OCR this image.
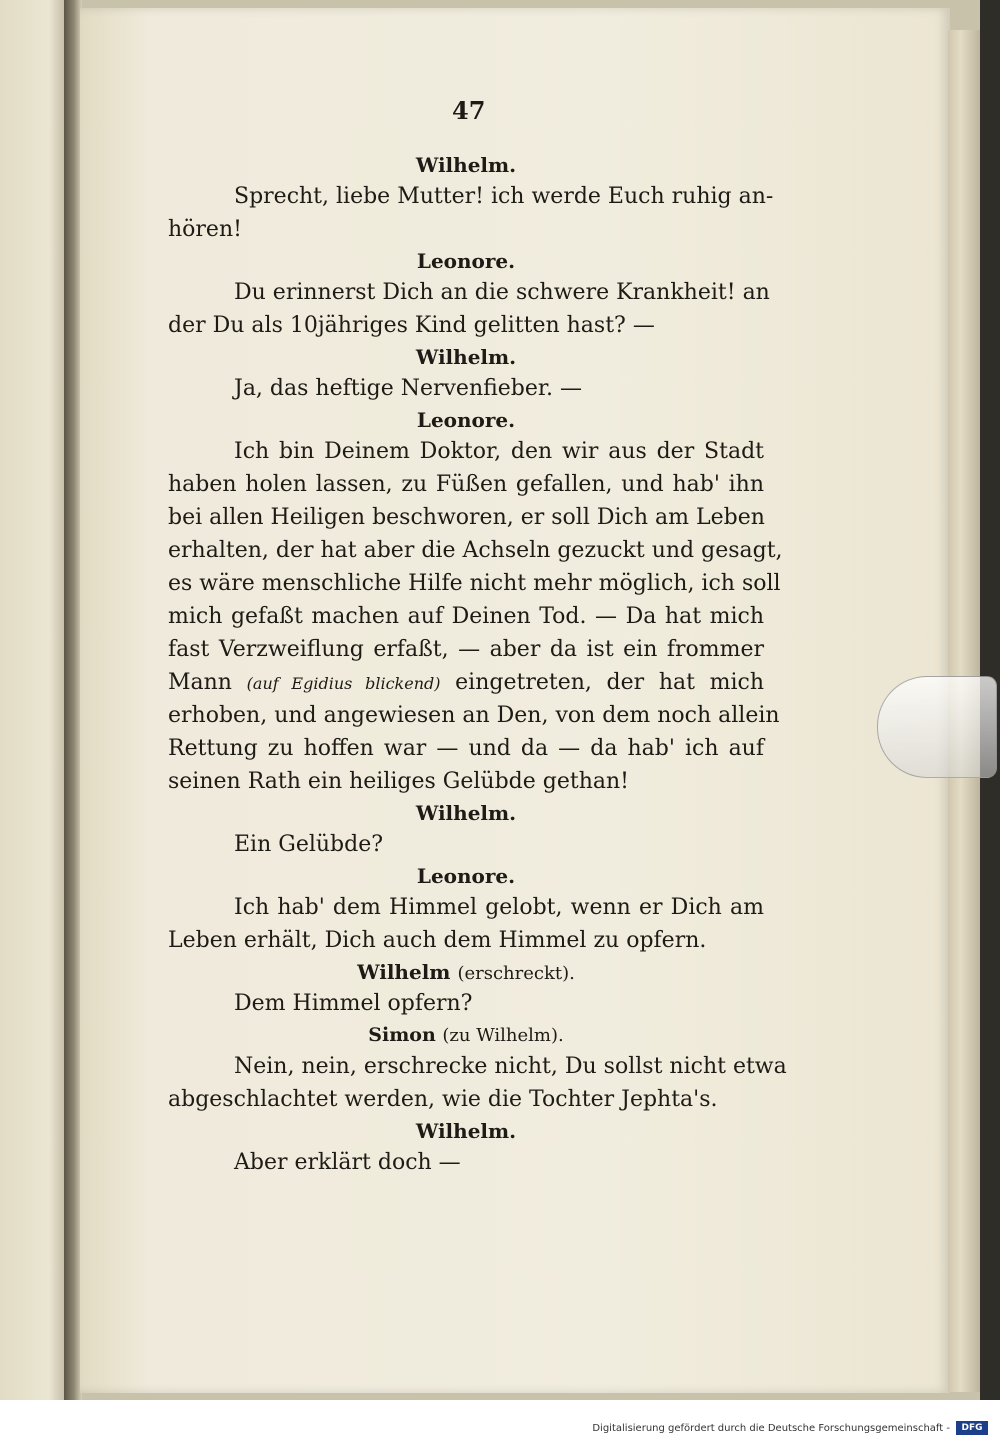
47
Wilhelm.
Sprecht, liebe Mutter! ich werde Euch ruhig an-
hören!
Leonore.
Du erinnerst Dich an die schwere Krankheit! an
der Du als 10jähriges Kind gelitten hast? —
Wilhelm.
Ja, das heftige Nervenfieber. —
Leonore.
Ich bin Deinem Doktor, den wir aus der Stadt
haben holen lassen, zu Füßen gefallen, und hab' ihn
bei allen Heiligen beschworen, er soll Dich am Leben
erhalten, der hat aber die Achseln gezuckt und gesagt,
es wäre menschliche Hilfe nicht mehr möglich, ich soll
mich gefaßt machen auf Deinen Tod. — Da hat mich
fast Verzweiflung erfaßt, — aber da ist ein frommer
Mann (auf Egidius blickend) eingetreten, der hat mich
erhoben, und angewiesen an Den, von dem noch allein
Rettung zu hoffen war — und da — da hab' ich auf
seinen Rath ein heiliges Gelübde gethan!
Wilhelm.
Ein Gelübde?
Leonore.
Ich hab' dem Himmel gelobt, wenn er Dich am
Leben erhält, Dich auch dem Himmel zu opfern.
Wilhelm (erschreckt).
Dem Himmel opfern?
Simon (zu Wilhelm).
Nein, nein, erschrecke nicht, Du sollst nicht etwa
abgeschlachtet werden, wie die Tochter Jephta's.
Wilhelm.
Aber erklärt doch —
Digitalisierung gefördert durch die Deutsche Forschungsgemeinschaft -	DFG
